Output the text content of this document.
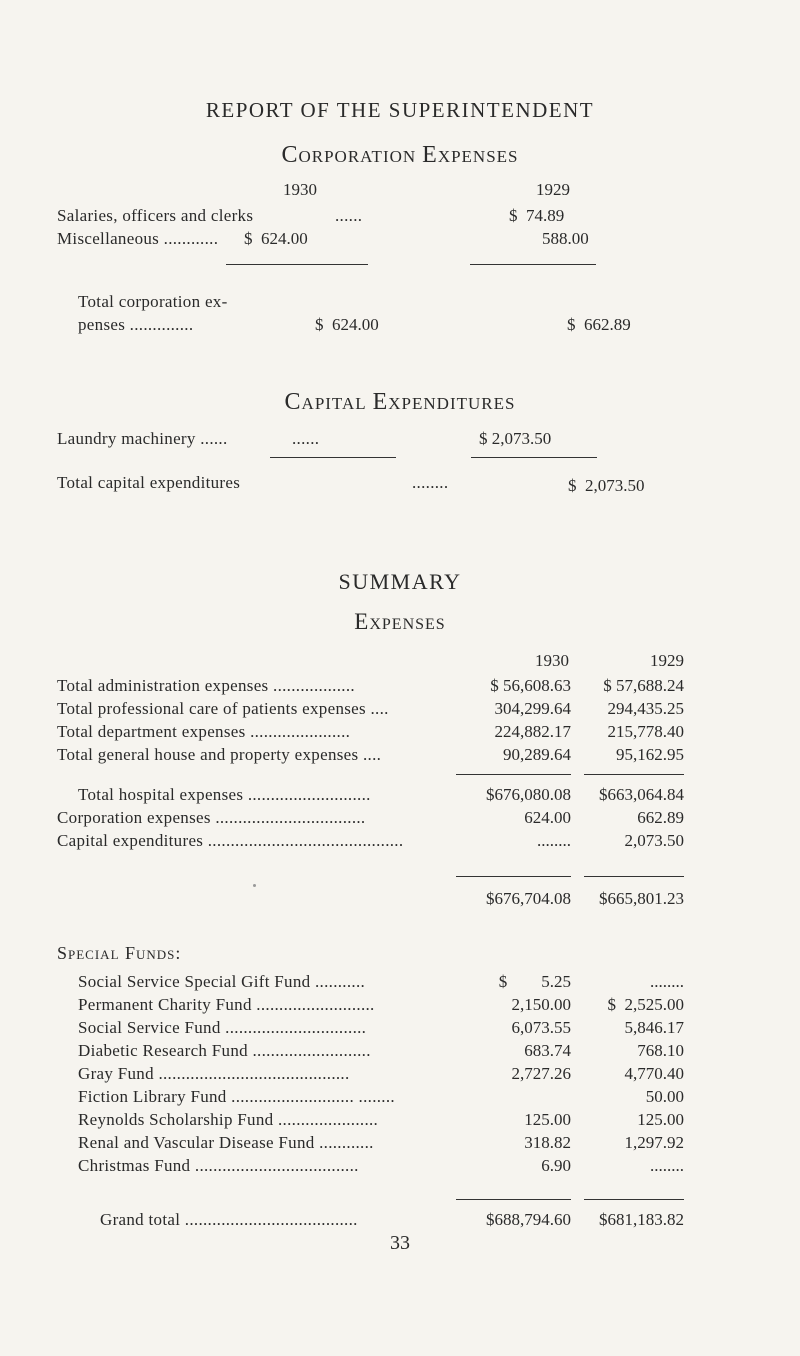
REPORT OF THE SUPERINTENDENT
Corporation Expenses
1930	1929
Salaries, officers and clerks	......	$  74.89
Miscellaneous ............ $  624.00	588.00
Total corporation ex-
penses ..............	$  624.00	$  662.89
Capital Expenditures
Laundry machinery ......	......	$ 2,073.50
Total capital expenditures	........	$  2,073.50
SUMMARY
Expenses
1930	1929
Total administration expenses ..................	$ 56,608.63	$ 57,688.24
Total professional care of patients expenses ....	304,299.64	294,435.25
Total department expenses ......................	224,882.17	215,778.40
Total general house and property expenses ....	90,289.64	95,162.95
Total hospital expenses ...........................	$676,080.08	$663,064.84
Corporation expenses .................................	624.00	662.89
Capital expenditures ...........................................	........	2,073.50
$676,704.08	$665,801.23
Special Funds:
Social Service Special Gift Fund ...........	$        5.25	........
Permanent Charity Fund ..........................	2,150.00	$  2,525.00
Social Service Fund ...............................	6,073.55	5,846.17
Diabetic Research Fund ..........................	683.74	768.10
Gray Fund ..........................................	2,727.26	4,770.40
Fiction Library Fund ........................... ........	50.00
Reynolds Scholarship Fund ......................	125.00	125.00
Renal and Vascular Disease Fund ............	318.82	1,297.92
Christmas Fund ....................................	6.90	........
Grand total ......................................	$688,794.60	$681,183.82
33
